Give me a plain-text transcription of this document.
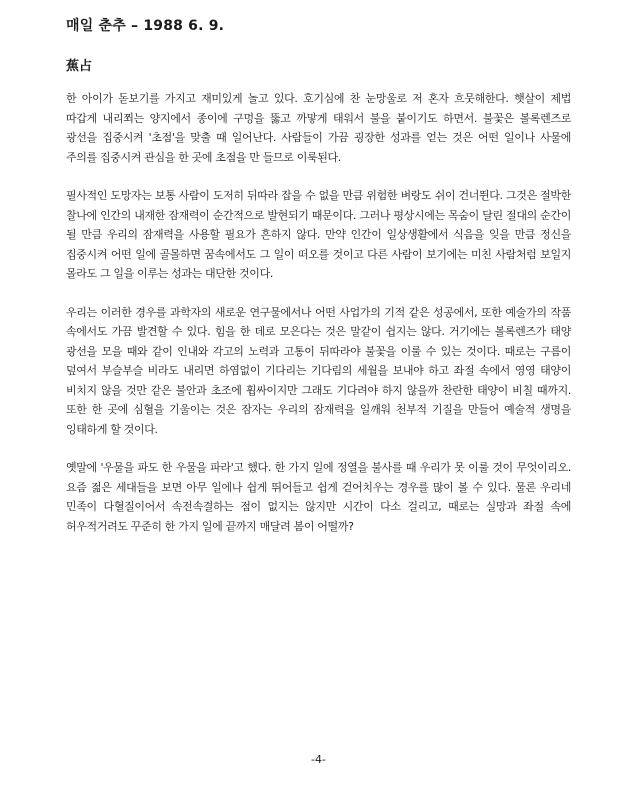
매일 춘추 – 1988 6. 9.
蕉占

한 아이가 돋보기를 가지고 재미있게 놀고 있다. 호기심에 찬 눈망울로 저 혼자 흐뭇해한다. 햇살이 제법 따갑게 내리쬐는 양지에서 종이에 구멍을 뚫고 까맣게 태워서 불을 붙이기도 하면서. 불꽃은 볼록렌즈로 광선을 집중시켜 '초점'을 맞출 때 일어난다. 사람들이 가끔 굉장한 성과를 얻는 것은 어떤 일이나 사물에 주의를 집중시켜 관심을 한 곳에 초점을 만 들므로 이룩된다.

필사적인 도망자는 보통 사람이 도저히 뒤따라 잡을 수 없을 만큼 위험한 벼랑도 쉬이 건너뛴다. 그것은 절박한 찰나에 인간의 내재한 잠재력이 순간적으로 발현되기 때문이다. 그러나 평상시에는 목숨이 달린 절대의 순간이 될 만큼 우리의 잠재력을 사용할 필요가 흔하지 않다. 만약 인간이 일상생활에서 식음을 잊을 만큼 정신을 집중시켜 어떤 일에 골몰하면 꿈속에서도 그 일이 떠오를 것이고 다른 사람이 보기에는 미친 사람처럼 보일지 몰라도 그 일을 이루는 성과는 대단한 것이다.

우리는 이러한 경우를 과학자의 새로운 연구물에서나 어떤 사업가의 기적 같은 성공에서, 또한 예술가의 작품 속에서도 가끔 발견할 수 있다. 힘을 한 데로 모은다는 것은 말같이 쉽지는 않다. 거기에는 볼록렌즈가 태양 광선을 모을 때와 같이 인내와 각고의 노력과 고통이 뒤따라야 불꽃을 이룰 수 있는 것이다. 때로는 구름이 덮여서 부슬부슬 비라도 내리면 하염없이 기다리는 기다림의 세월을 보내야 하고 좌절 속에서 영영 태양이 비치지 않을 것만 같은 불안과 초조에 휩싸이지만 그래도 기다려야 하지 않을까 찬란한 태양이 비칠 때까지. 또한 한 곳에 심혈을 기울이는 것은 잠자는 우리의 잠재력을 일깨워 천부적 기질을 만들어 예술적 생명을 잉태하게 할 것이다.

옛말에 '우물을 파도 한 우물을 파라'고 했다. 한 가지 일에 정열을 불사를 때 우리가 못 이룰 것이 무엇이리오. 요즘 젊은 세대들을 보면 아무 일에나 쉽게 뛰어들고 쉽게 걷어치우는 경우를 많이 볼 수 있다. 물론 우리네 민족이 다혈질이어서 속전속결하는 점이 없지는 않지만 시간이 다소 걸리고, 때로는 실망과 좌절 속에 허우적거려도 꾸준히 한 가지 일에 끝까지 매달려 봄이 어떨까?

-4-
